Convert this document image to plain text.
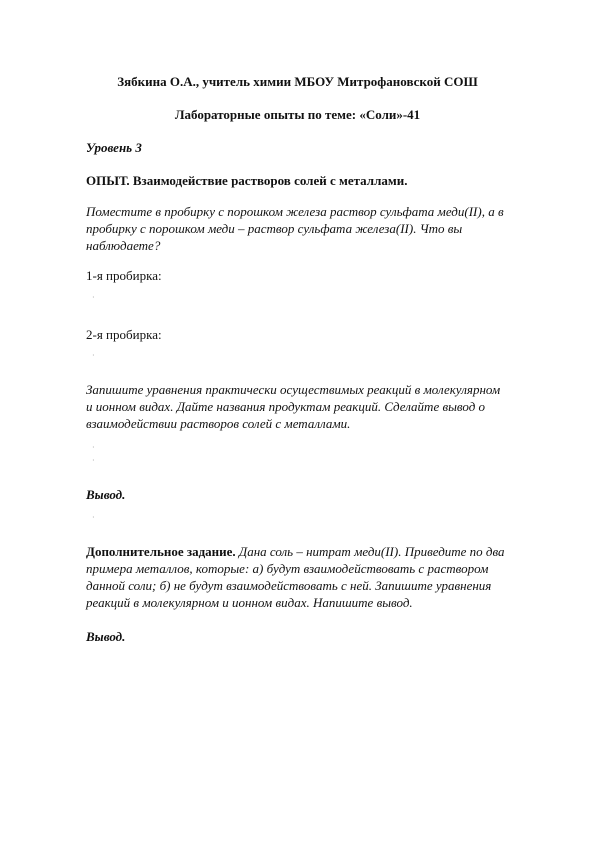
Зябкина О.А., учитель химии МБОУ Митрофановской СОШ
Лабораторные опыты по теме: «Соли»-41
Уровень 3
ОПЫТ. Взаимодействие растворов солей с металлами.
Поместите в пробирку с порошком железа раствор сульфата меди(II), а в
пробирку с порошком меди – раствор сульфата железа(II). Что вы
наблюдаете?
1-я пробирка:
·
2-я пробирка:
·
Запишите уравнения практически осуществимых реакций в молекулярном
и ионном видах. Дайте названия продуктам реакций. Сделайте вывод о
взаимодействии растворов солей с металлами.
·
·
Вывод.
·
Дополнительное задание. Дана соль – нитрат меди(II). Приведите по два
примера металлов, которые: а) будут взаимодействовать с раствором
данной соли; б) не будут взаимодействовать с ней. Запишите уравнения
реакций в молекулярном и ионном видах. Напишите вывод.
Вывод.
